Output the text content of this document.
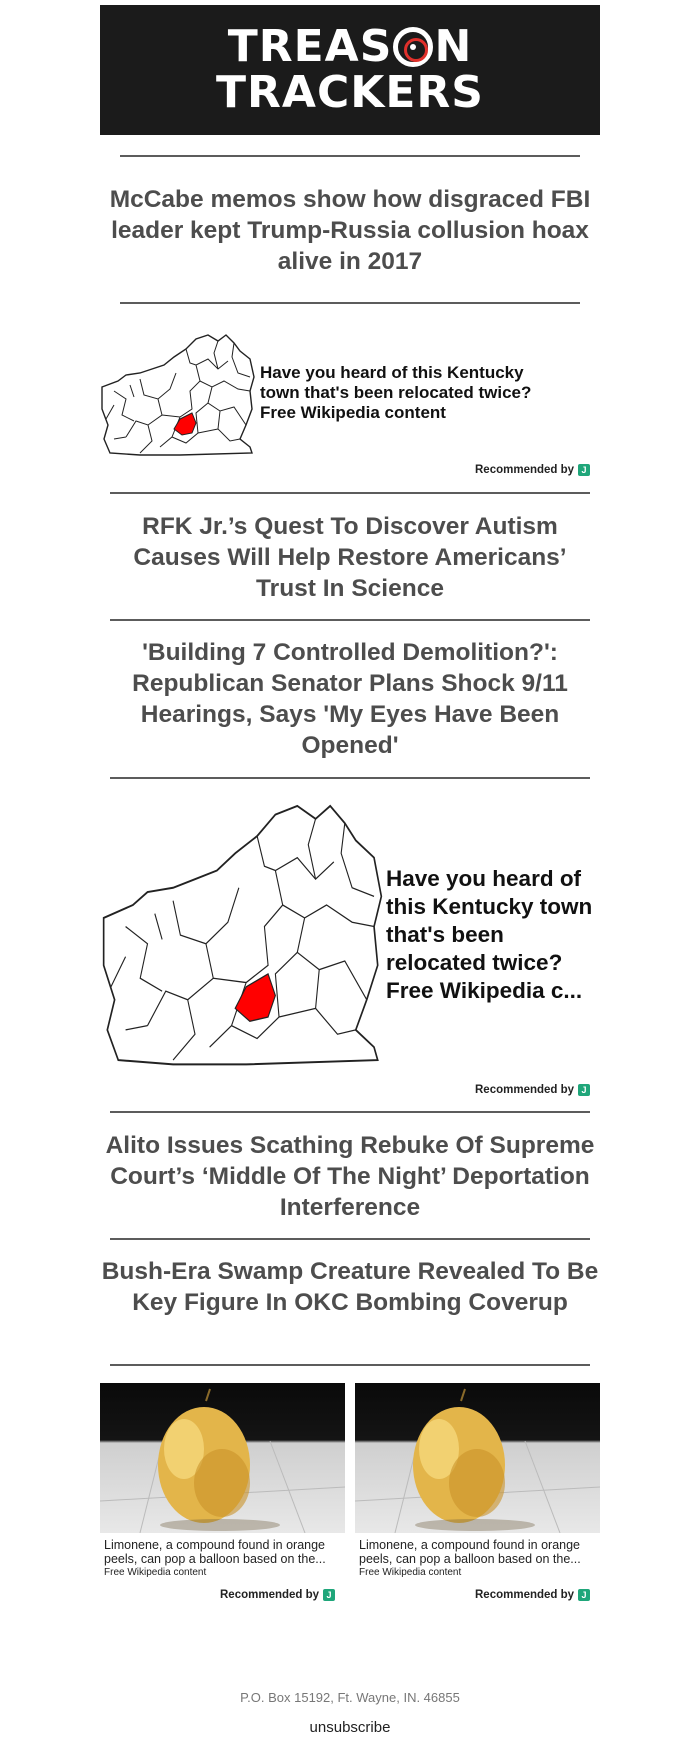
TREAS N
TRACKERS
McCabe memos show how disgraced FBI leader kept Trump-Russia collusion hoax alive in 2017
Have you heard of this Kentucky town that's been relocated twice?
Free Wikipedia content
Recommended by J
RFK Jr.’s Quest To Discover Autism Causes Will Help Restore Americans’ Trust In Science
'Building 7 Controlled Demolition?': Republican Senator Plans Shock 9/11 Hearings, Says 'My Eyes Have Been Opened'
Have you heard of this Kentucky town that's been relocated twice? Free Wikipedia c...
Recommended by J
Alito Issues Scathing Rebuke Of Supreme Court’s ‘Middle Of The Night’ Deportation Interference
Bush-Era Swamp Creature Revealed To Be Key Figure In OKC Bombing Coverup
Limonene, a compound found in orange peels, can pop a balloon based on the...
Free Wikipedia content
Recommended by J
Limonene, a compound found in orange peels, can pop a balloon based on the...
Free Wikipedia content
Recommended by J
P.O. Box 15192, Ft. Wayne, IN. 46855
unsubscribe
